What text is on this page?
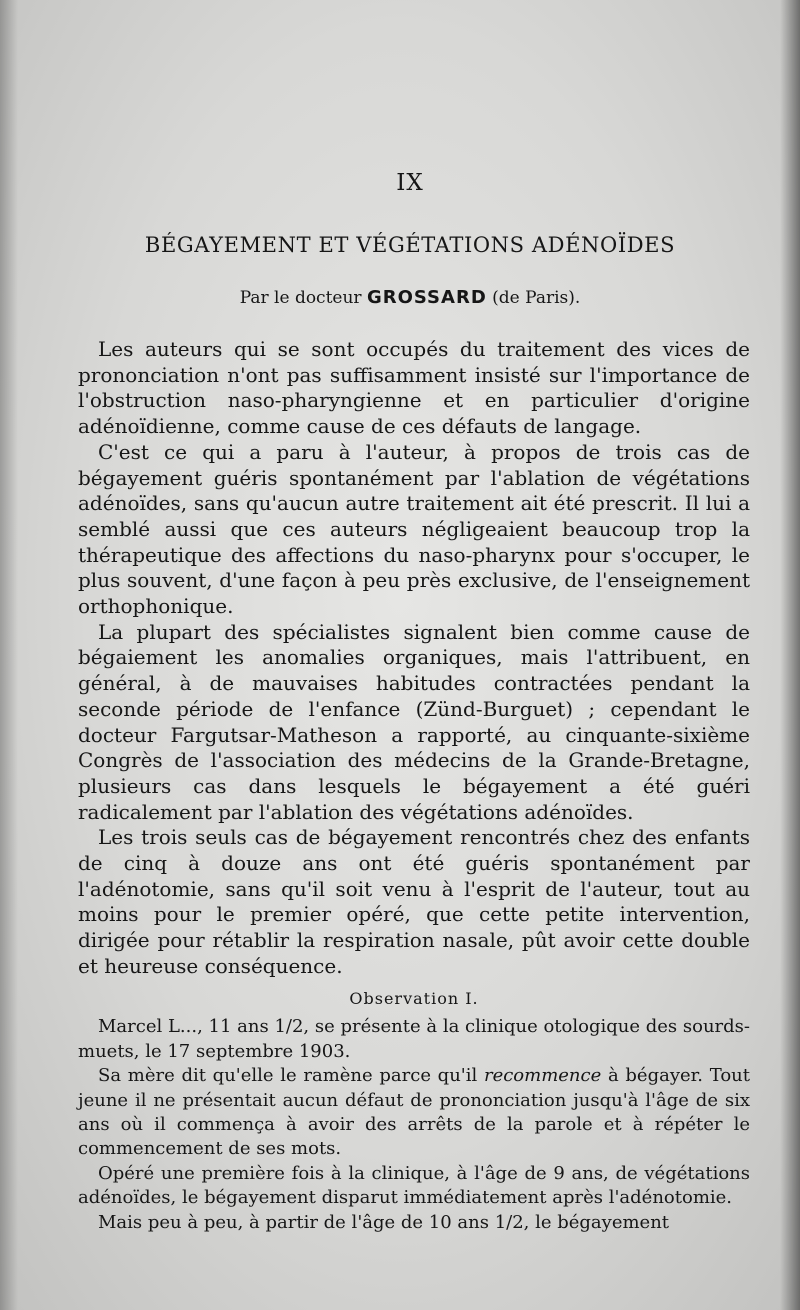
IX
BÉGAYEMENT ET VÉGÉTATIONS ADÉNOÏDES
Par le docteur GROSSARD (de Paris).

Les auteurs qui se sont occupés du traitement des vices de prononciation n'ont pas suffisamment insisté sur l'importance de l'obstruction naso-pharyngienne et en particulier d'origine adénoïdienne, comme cause de ces défauts de langage.

C'est ce qui a paru à l'auteur, à propos de trois cas de bégayement guéris spontanément par l'ablation de végétations adénoïdes, sans qu'aucun autre traitement ait été prescrit. Il lui a semblé aussi que ces auteurs négligeaient beaucoup trop la thérapeutique des affections du naso-pharynx pour s'occuper, le plus souvent, d'une façon à peu près exclusive, de l'enseignement orthophonique.

La plupart des spécialistes signalent bien comme cause de bégaiement les anomalies organiques, mais l'attribuent, en général, à de mauvaises habitudes contractées pendant la seconde période de l'enfance (Zünd-Burguet) ; cependant le docteur Fargutsar-Matheson a rapporté, au cinquante-sixième Congrès de l'association des médecins de la Grande-Bretagne, plusieurs cas dans lesquels le bégayement a été guéri radicalement par l'ablation des végétations adénoïdes.

Les trois seuls cas de bégayement rencontrés chez des enfants de cinq à douze ans ont été guéris spontanément par l'adénotomie, sans qu'il soit venu à l'esprit de l'auteur, tout au moins pour le premier opéré, que cette petite intervention, dirigée pour rétablir la respiration nasale, pût avoir cette double et heureuse conséquence.

Observation I.

Marcel L..., 11 ans 1/2, se présente à la clinique otologique des sourds-muets, le 17 septembre 1903.

Sa mère dit qu'elle le ramène parce qu'il recommence à bégayer. Tout jeune il ne présentait aucun défaut de prononciation jusqu'à l'âge de six ans où il commença à avoir des arrêts de la parole et à répéter le commencement de ses mots.

Opéré une première fois à la clinique, à l'âge de 9 ans, de végétations adénoïdes, le bégayement disparut immédiatement après l'adénotomie.

Mais peu à peu, à partir de l'âge de 10 ans 1/2, le bégayement
